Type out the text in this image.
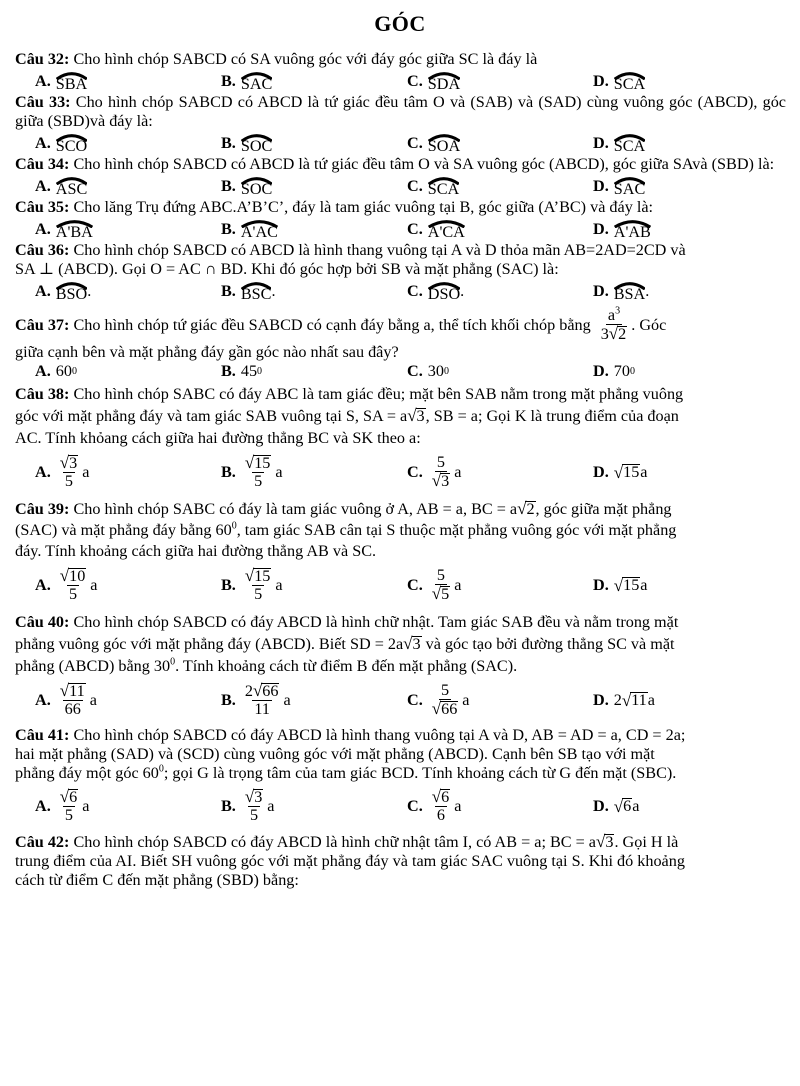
GÓC
Câu 32: Cho hình chóp SABCD có SA vuông góc với đáy góc giữa SC là đáy là
A. SBA	B. SAC	C. SDA	D. SCA
Câu 33: Cho hình chóp SABCD có ABCD là tứ giác đều tâm O và (SAB) và (SAD) cùng vuông góc (ABCD), góc giữa (SBD)và đáy là:
A. SCO	B. SOC	C. SOA	D. SCA
Câu 34: Cho hình chóp SABCD có ABCD là tứ giác đều tâm O và SA vuông góc (ABCD), góc giữa SAvà (SBD) là:
A. ASC	B. SOC	C. SCA	D. SAC
Câu 35: Cho lăng Trụ đứng ABC.A’B’C’, đáy là tam giác vuông tại B, góc giữa (A’BC) và đáy là:
A. A'BA	B. A'AC	C. A'CA	D. A'AB
Câu 36: Cho hình chóp SABCD có ABCD là hình thang vuông tại A và D thỏa mãn AB=2AD=2CD và
SA ⊥ (ABCD). Gọi O = AC ∩ BD. Khi đó góc hợp bởi SB và mặt phẳng (SAC) là:
A. BSO .	B. BSC .	C. DSO .	D. BSA .
Câu 37:
Cho hình chóp tứ giác đều SABCD có cạnh đáy bằng a, thể tích khối chóp bằng $\frac{a^3}{3√2}$ . Góc
giữa cạnh bên và mặt phẳng đáy gần góc nào nhất sau đây?
A. 60 0	B. 45 0	C. 30 0	D. 70 0
Câu 38: Cho hình chóp SABC có đáy ABC là tam giác đều; mặt bên SAB nằm trong mặt phẳng vuông
góc với mặt phẳng đáy và tam giác SAB vuông tại S, SA = a√3, SB = a; Gọi K là trung điểm của đoạn
AC. Tính khỏang cách giữa hai đường thẳng BC và SK theo a:
A. $\frac{√3}{5}$ a	B. $\frac{√15}{5}$ a	C. $\frac{5}{√3}$ a	D. √ 15 a
Câu 39: Cho hình chóp SABC có đáy là tam giác vuông ở A, AB = a, BC = a√2, góc giữa mặt phẳng
(SAC) và mặt phẳng đáy bằng $60^0$, tam giác SAB cân tại S thuộc mặt phẳng vuông góc với mặt phẳng
đáy. Tính khoảng cách giữa hai đường thẳng AB và SC.
A. $\frac{√10}{5}$ a	B. $\frac{√15}{5}$ a	C. $\frac{5}{√5}$ a	D. √ 15 a
Câu 40: Cho hình chóp SABCD có đáy ABCD là hình chữ nhật. Tam giác SAB đều và nằm trong mặt
phẳng vuông góc với mặt phẳng đáy (ABCD). Biết SD = 2a√3 và góc tạo bởi đường thẳng SC và mặt
phẳng (ABCD) bằng $30^0$. Tính khoảng cách từ điểm B đến mặt phẳng (SAC).
A. $\frac{√11}{66}$ a	B. $\frac{2√66}{11}$ a	C. $\frac{5}{√66}$ a	D. 2 √ 11 a
Câu 41: Cho hình chóp SABCD có đáy ABCD là hình thang vuông tại A và D, AB = AD = a, CD = 2a;
hai mặt phẳng (SAD) và (SCD) cùng vuông góc với mặt phẳng (ABCD). Cạnh bên SB tạo với mặt
phẳng đáy một góc $60^0$; gọi G là trọng tâm của tam giác BCD. Tính khoảng cách từ G đến mặt (SBC).
A. $\frac{√6}{5}$ a	B. $\frac{√3}{5}$ a	C. $\frac{√6}{6}$ a	D. √ 6 a
Câu 42: Cho hình chóp SABCD có đáy ABCD là hình chữ nhật tâm I, có AB = a; BC = a√3. Gọi H là
trung điểm của AI. Biết SH vuông góc với mặt phẳng đáy và tam giác SAC vuông tại S. Khi đó khoảng
cách từ điểm C đến mặt phẳng (SBD) bằng:
